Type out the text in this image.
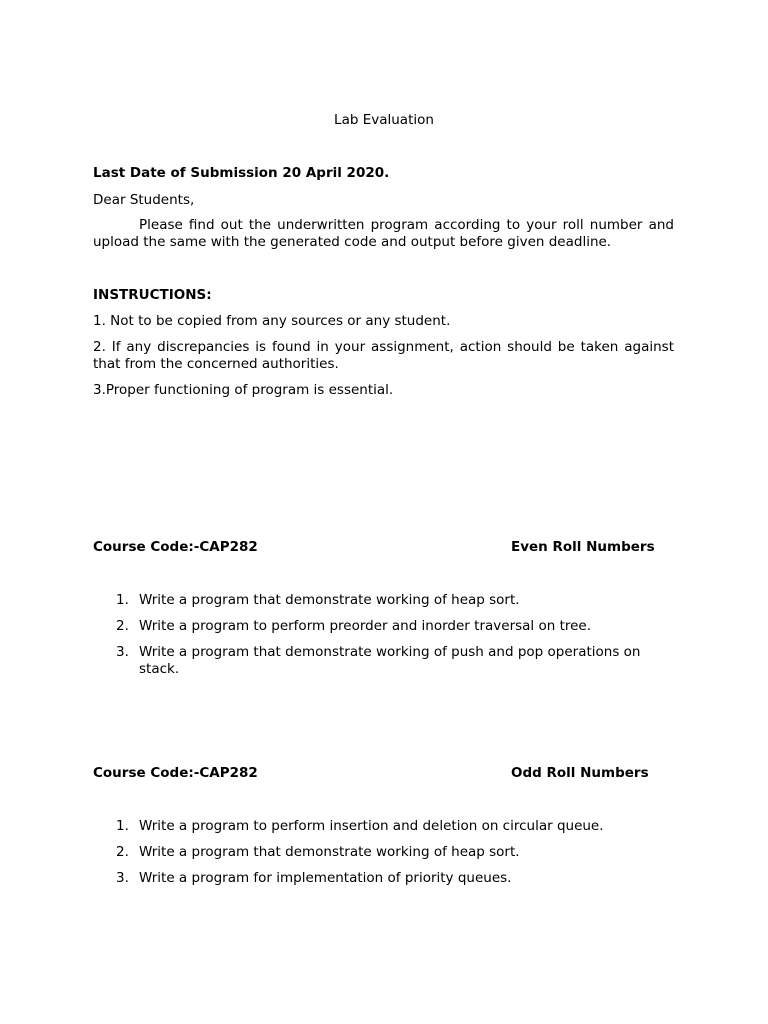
Lab Evaluation
Last Date of Submission 20 April 2020.
Dear Students,
Please find out the underwritten program according to your roll number and upload the same with the generated code and output before given deadline.
INSTRUCTIONS:
1. Not to be copied from any sources or any student.
2. If any discrepancies is found in your assignment, action should be taken against that from the concerned authorities.
3.Proper functioning of program is essential.
Course Code:-CAP282	Even Roll Numbers
1. Write a program that demonstrate working of heap sort.
2. Write a program to perform preorder and inorder traversal on tree.
3. Write a program that demonstrate working of push and pop operations on stack.
Course Code:-CAP282	Odd Roll Numbers
1. Write a program to perform insertion and deletion on circular queue.
2. Write a program that demonstrate working of heap sort.
3. Write a program for implementation of priority queues.
